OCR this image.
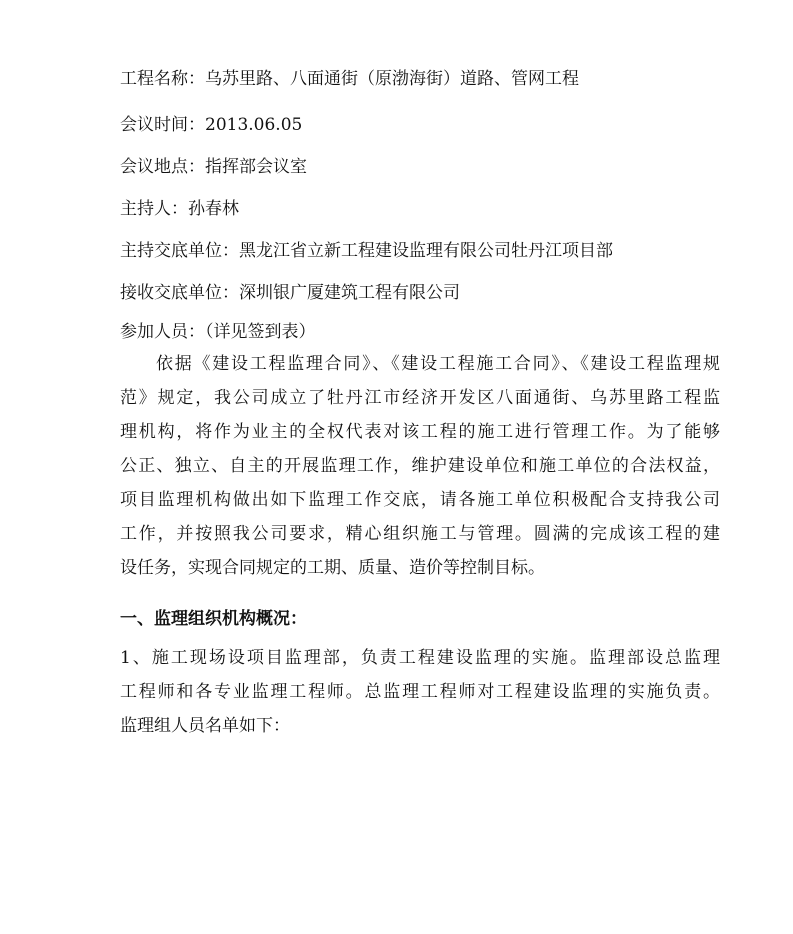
工程名称：乌苏里路、八面通街（原渤海街）道路、管网工程
会议时间：2013.06.05
会议地点：指挥部会议室
主持人：孙春林
主持交底单位：黑龙江省立新工程建设监理有限公司牡丹江项目部
接收交底单位：深圳银广厦建筑工程有限公司
参加人员：（详见签到表）
依据《建设工程监理合同》、《建设工程施工合同》、《建设工程监理规
范》规定，我公司成立了牡丹江市经济开发区八面通街、乌苏里路工程监
理机构，将作为业主的全权代表对该工程的施工进行管理工作。为了能够
公正、独立、自主的开展监理工作，维护建设单位和施工单位的合法权益，
项目监理机构做出如下监理工作交底，请各施工单位积极配合支持我公司
工作，并按照我公司要求，精心组织施工与管理。圆满的完成该工程的建
设任务，实现合同规定的工期、质量、造价等控制目标。
一、监理组织机构概况：
1、施工现场设项目监理部，负责工程建设监理的实施。监理部设总监理
工程师和各专业监理工程师。总监理工程师对工程建设监理的实施负责。
监理组人员名单如下：
